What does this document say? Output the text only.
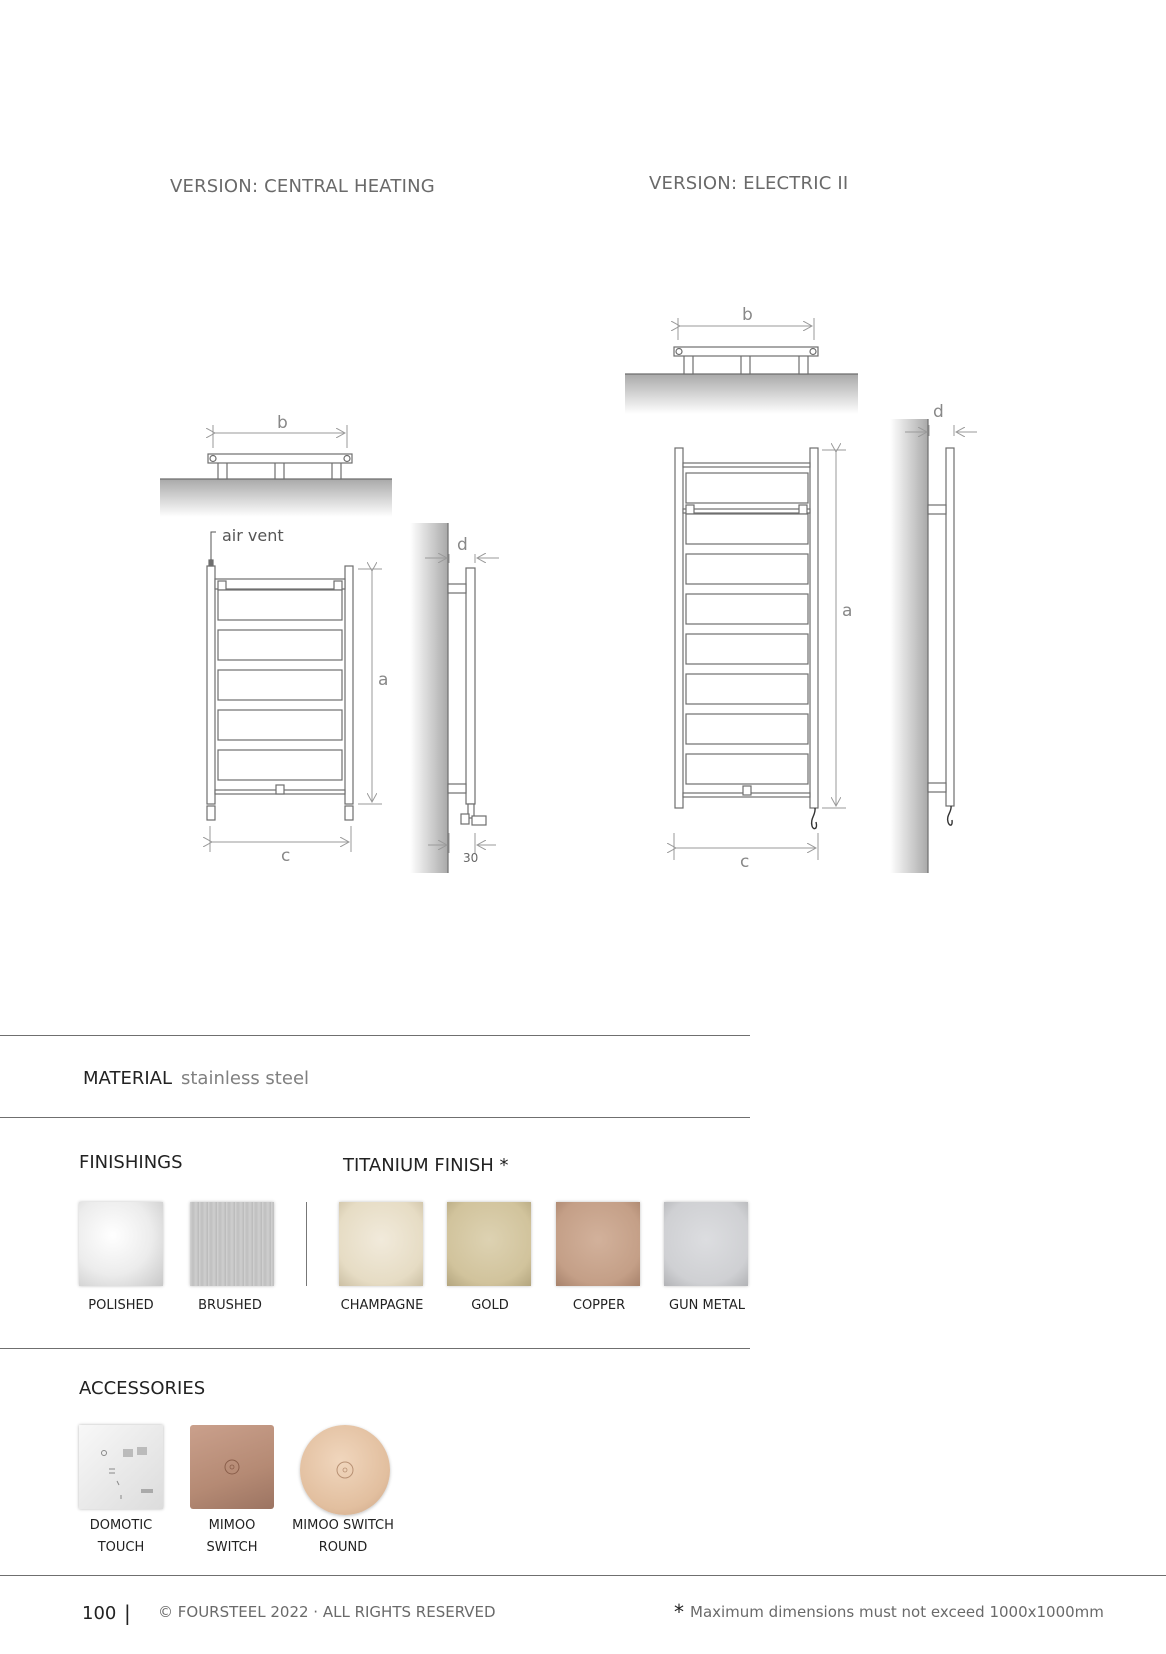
VERSION: CENTRAL HEATING	VERSION: ELECTRIC II
air vent
b
a
c
d
30
b
a
c
d
MATERIAL stainless steel
FINISHINGS	TITANIUM FINISH *
POLISHED	BRUSHED	CHAMPAGNE	GOLD	COPPER	GUN METAL
ACCESSORIES
DOMOTIC
TOUCH
MIMOO
SWITCH
MIMOO SWITCH
ROUND
100 | © FOURSTEEL 2022 · ALL RIGHTS RESERVED	* Maximum dimensions must not exceed 1000x1000mm
